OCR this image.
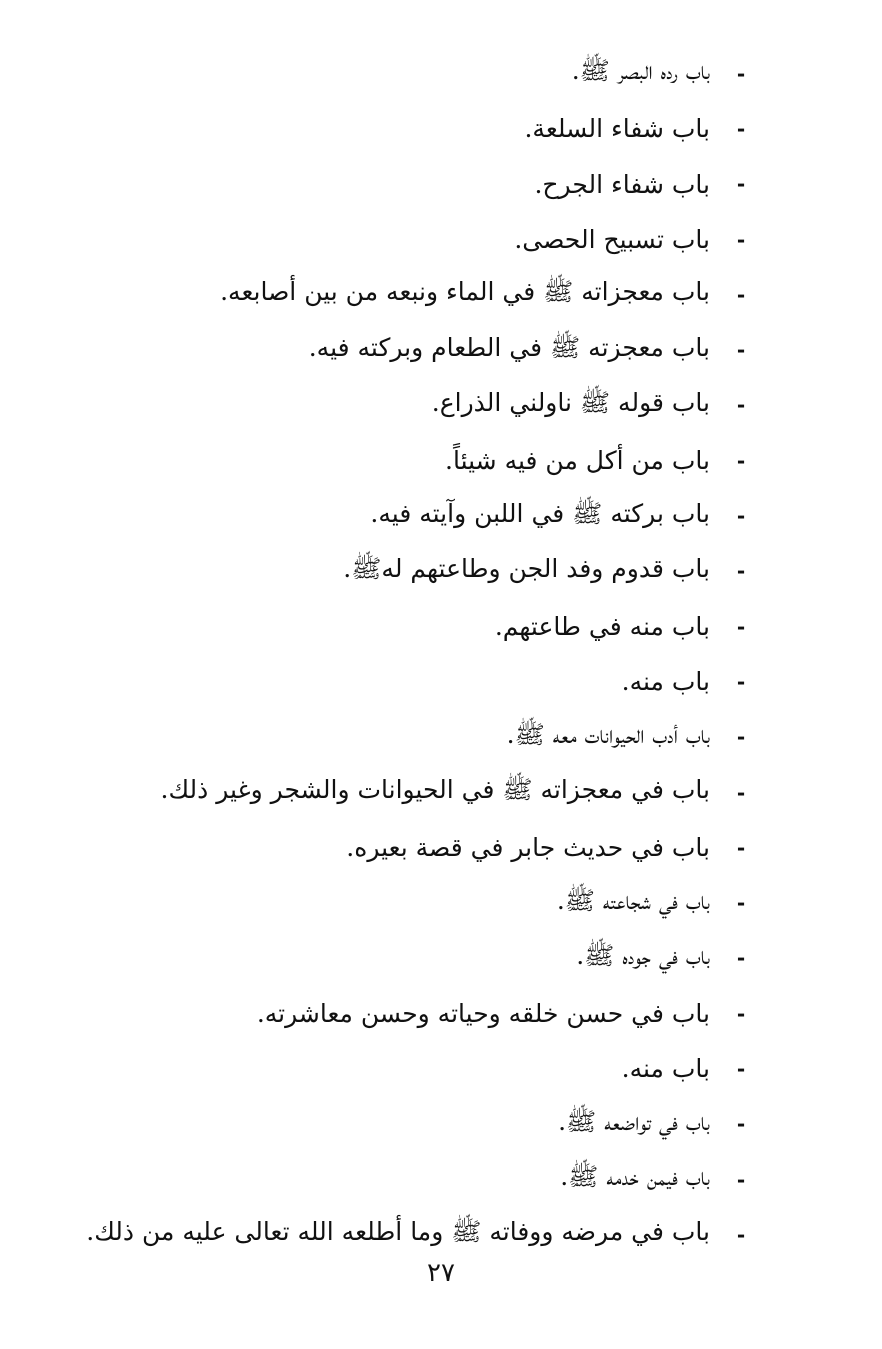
-
باب رده البصر ﷺ.
-
باب شفاء السلعة.
-
باب شفاء الجرح.
-
باب تسبيح الحصى.
-
باب معجزاته ﷺ في الماء ونبعه من بين أصابعه.
-
باب معجزته ﷺ في الطعام وبركته فيه.
-
باب قوله ﷺ ناولني الذراع.
-
باب من أكل من فيه شيئاً.
-
باب بركته ﷺ في اللبن وآيته فيه.
-
باب قدوم وفد الجن وطاعتهم لهﷺ.
-
باب منه في طاعتهم.
-
باب منه.
-
باب أدب الحيوانات معه ﷺ.
-
باب في معجزاته ﷺ في الحيوانات والشجر وغير ذلك.
-
باب في حديث جابر في قصة بعيره.
-
باب في شجاعته ﷺ.
-
باب في جوده ﷺ.
-
باب في حسن خلقه وحياته وحسن معاشرته.
-
باب منه.
-
باب في تواضعه ﷺ.
-
باب فيمن خدمه ﷺ.
-
باب في مرضه ووفاته ﷺ وما أطلعه الله تعالى عليه من ذلك.
٢٧
